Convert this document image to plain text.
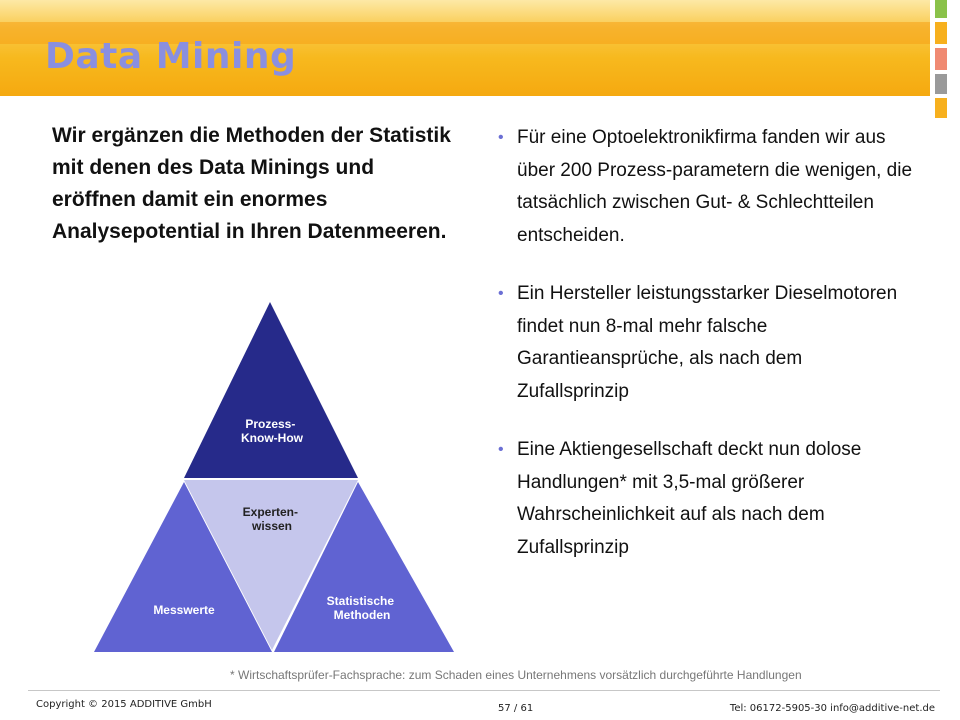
Data Mining

Wir ergänzen die Methoden der Statistik mit denen des Data Minings und eröffnen damit ein enormes Analysepotential in Ihren Datenmeeren.

Prozess- Know-How
Experten- wissen
Messwerte
Statistische Methoden
• Für eine Optoelektronikfirma fanden wir aus über 200 Prozess-parametern die wenigen, die tatsächlich zwischen Gut- & Schlechtteilen entscheiden.
• Ein Hersteller leistungsstarker Dieselmotoren findet nun 8-mal mehr falsche Garantieansprüche, als nach dem Zufallsprinzip
• Eine Aktiengesellschaft deckt nun dolose Handlungen* mit 3,5-mal größerer Wahrscheinlichkeit auf als nach dem Zufallsprinzip

* Wirtschaftsprüfer-Fachsprache: zum Schaden eines Unternehmens vorsätzlich durchgeführte Handlungen

Copyright © 2015 ADDITIVE GmbH	57 / 61	Tel: 06172-5905-30 info@additive-net.de
